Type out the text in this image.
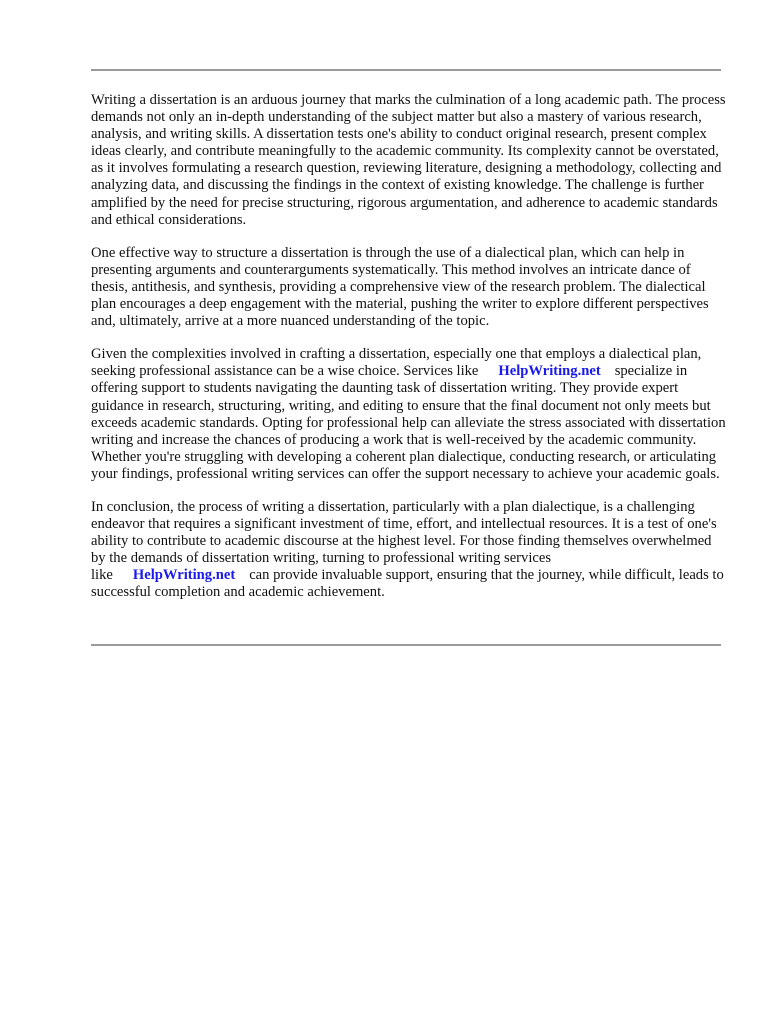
Writing a dissertation is an arduous journey that marks the culmination of a long academic path. The process demands not only an in-depth understanding of the subject matter but also a mastery of various research, analysis, and writing skills. A dissertation tests one's ability to conduct original research, present complex ideas clearly, and contribute meaningfully to the academic community. Its complexity cannot be overstated, as it involves formulating a research question, reviewing literature, designing a methodology, collecting and analyzing data, and discussing the findings in the context of existing knowledge. The challenge is further amplified by the need for precise structuring, rigorous argumentation, and adherence to academic standards and ethical considerations.

One effective way to structure a dissertation is through the use of a dialectical plan, which can help in presenting arguments and counterarguments systematically. This method involves an intricate dance of thesis, antithesis, and synthesis, providing a comprehensive view of the research problem. The dialectical plan encourages a deep engagement with the material, pushing the writer to explore different perspectives and, ultimately, arrive at a more nuanced understanding of the topic.

Given the complexities involved in crafting a dissertation, especially one that employs a dialectical plan, seeking professional assistance can be a wise choice. Services like HelpWriting.net specialize in offering support to students navigating the daunting task of dissertation writing. They provide expert guidance in research, structuring, writing, and editing to ensure that the final document not only meets but exceeds academic standards. Opting for professional help can alleviate the stress associated with dissertation writing and increase the chances of producing a work that is well-received by the academic community. Whether you're struggling with developing a coherent plan dialectique, conducting research, or articulating your findings, professional writing services can offer the support necessary to achieve your academic goals.

In conclusion, the process of writing a dissertation, particularly with a plan dialectique, is a challenging endeavor that requires a significant investment of time, effort, and intellectual resources. It is a test of one's ability to contribute to academic discourse at the highest level. For those finding themselves overwhelmed by the demands of dissertation writing, turning to professional writing services like HelpWriting.net can provide invaluable support, ensuring that the journey, while difficult, leads to successful completion and academic achievement.
